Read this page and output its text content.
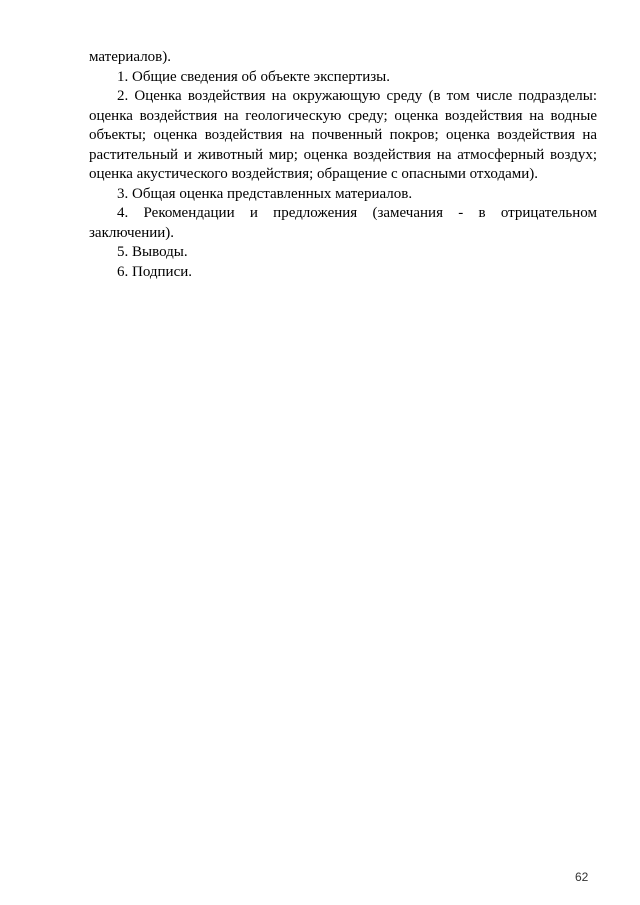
материалов).

1. Общие сведения об объекте экспертизы.

2. Оценка воздействия на окружающую среду (в том числе подразделы: оценка воздействия на геологическую среду; оценка воздействия на водные объекты; оценка воздействия на почвенный покров; оценка воздействия на растительный и животный мир; оценка воздействия на атмосферный воздух; оценка акустического воздействия; обращение с опасными отходами).

3. Общая оценка представленных материалов.

4. Рекомендации и предложения (замечания - в отрицательном заключении).

5. Выводы.

6. Подписи.

62
